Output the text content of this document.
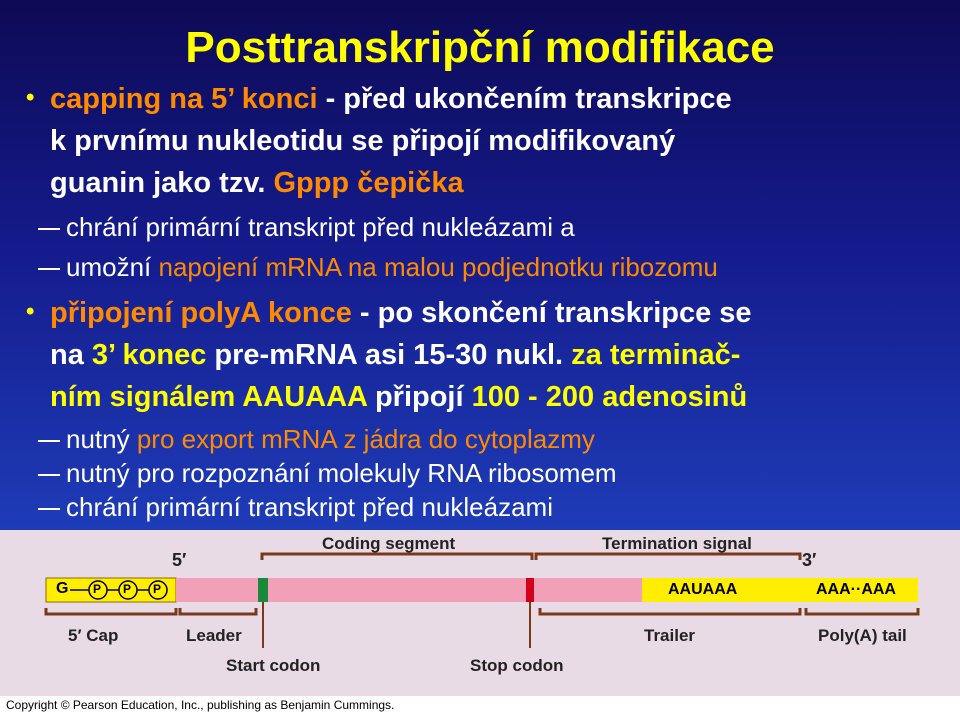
Posttranskripční modifikace
• capping na 5’ konci - před ukončením transkripce
k prvnímu nukleotidu se připojí modifikovaný
guanin jako tzv. Gppp čepička
chrání primární transkript před nukleázami a
umožní napojení mRNA na malou podjednotku ribozomu
• připojení polyA konce - po skončení transkripce se
na 3’ konec pre-mRNA asi 15-30 nukl. za terminač-
ním signálem AAUAAA připojí 100 - 200 adenosinů
nutný pro export mRNA z jádra do cytoplazmy
nutný pro rozpoznání molekuly RNA ribosomem
chrání primární transkript před nukleázami
5′	3′
Coding segment	Termination signal
G P P P	AAUAAA	AAA··AAA
5′ Cap	Leader
Start codon	Stop codon
Trailer	Poly(A) tail
Copyright © Pearson Education, Inc., publishing as Benjamin Cummings.
